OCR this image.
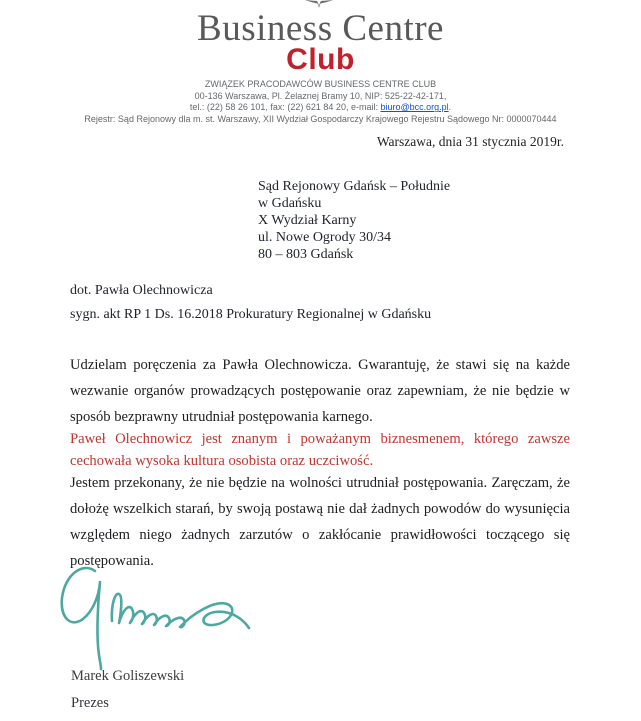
Business Centre
Club
ZWIĄZEK PRACODAWCÓW BUSINESS CENTRE CLUB
00-136 Warszawa, Pl. Żelaznej Bramy 10, NIP: 525-22-42-171,
tel.: (22) 58 26 101, fax: (22) 621 84 20, e-mail: biuro@bcc.org.pl.
Rejestr: Sąd Rejonowy dla m. st. Warszawy, XII Wydział Gospodarczy Krajowego Rejestru Sądowego Nr: 0000070444
Warszawa, dnia 31 stycznia 2019r.
Sąd Rejonowy Gdańsk – Południe
w Gdańsku
X Wydział Karny
ul. Nowe Ogrody 30/34
80 – 803 Gdańsk
dot. Pawła Olechnowicza
sygn. akt RP 1 Ds. 16.2018 Prokuratury Regionalnej w Gdańsku
Udzielam poręczenia za Pawła Olechnowicza. Gwarantuję, że stawi się na każde wezwanie organów prowadzących postępowanie oraz zapewniam, że nie będzie w sposób bezprawny utrudniał postępowania karnego.
Paweł Olechnowicz jest znanym i poważanym biznesmenem, którego zawsze cechowała wysoka kultura osobista oraz uczciwość.
Jestem przekonany, że nie będzie na wolności utrudniał postępowania. Zaręczam, że dołożę wszelkich starań, by swoją postawą nie dał żadnych powodów do wysunięcia względem niego żadnych zarzutów o zakłócanie prawidłowości toczącego się postępowania.
Marek Goliszewski
Prezes
